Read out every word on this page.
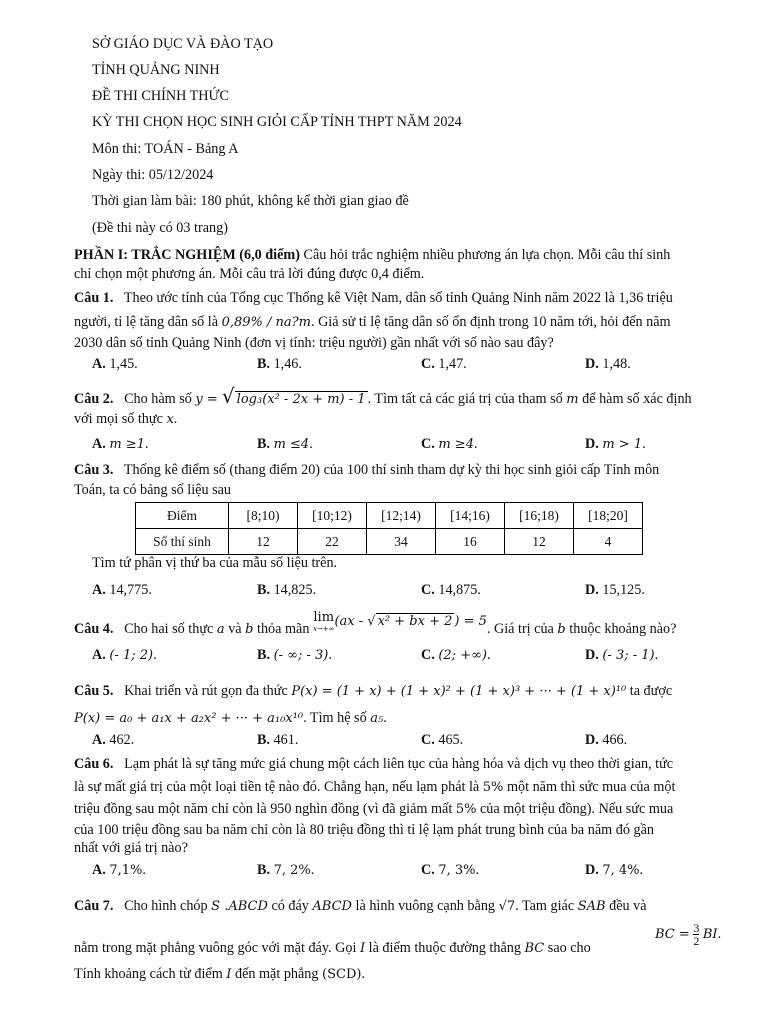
SỞ GIÁO DỤC VÀ ĐÀO TẠO
TỈNH QUẢNG NINH
ĐỀ THI CHÍNH THỨC
KỲ THI CHỌN HỌC SINH GIỎI CẤP TỈNH THPT NĂM 2024
Môn thi: TOÁN - Bảng A
Ngày thi: 05/12/2024
Thời gian làm bài: 180 phút, không kể thời gian giao đề
(Đề thi này có 03 trang)
PHẦN I: TRẮC NGHIỆM (6,0 điểm) Câu hỏi trắc nghiệm nhiều phương án lựa chọn. Mỗi câu thí sinh
chỉ chọn một phương án. Mỗi câu trả lời đúng được 0,4 điểm.
Câu 1. Theo ước tính của Tổng cục Thống kê Việt Nam, dân số tỉnh Quảng Ninh năm 2022 là 1,36 triệu
người, tỉ lệ tăng dân số là 0,89% / na?m. Giả sử tỉ lệ tăng dân số ổn định trong 10 năm tới, hỏi đến năm
2030 dân số tỉnh Quảng Ninh (đơn vị tính: triệu người) gần nhất với số nào sau đây?
A. 1,45.	B. 1,46.	C. 1,47.	D. 1,48.
Câu 2. Cho hàm số y = √ log₃(x² - 2x + m) - 1 . Tìm tất cả các giá trị của tham số m để hàm số xác định
với mọi số thực x.
A. m ≥1.	B. m ≤4.	C. m ≥4.	D. m > 1.
Câu 3. Thống kê điểm số (thang điểm 20) của 100 thí sinh tham dự kỳ thi học sinh giỏi cấp Tỉnh môn
Toán, ta có bảng số liệu sau
Điểm	[8;10)	[10;12)	[12;14)	[14;16)	[16;18)	[18;20]
Số thí sinh	12	22	34	16	12	4
Tìm tứ phân vị thứ ba của mẫu số liệu trên.
A. 14,775.	B. 14,825.	C. 14,875.	D. 15,125.
Câu 4. Cho hai số thực a và b thỏa mãn
lim
x→+∞ (ax - √ x² + bx + 2 ) = 5. Giá trị của b thuộc khoảng nào?
A. (- 1; 2).	B. (- ∞; - 3).	C. (2; +∞).	D. (- 3; - 1).
Câu 5. Khai triển và rút gọn đa thức P(x) = (1 + x) + (1 + x)² + (1 + x)³ + ··· + (1 + x)¹⁰ ta được
P(x) = a₀ + a₁x + a₂x² + ··· + a₁₀x¹⁰. Tìm hệ số a₅.
A. 462.	B. 461.	C. 465.	D. 466.
Câu 6. Lạm phát là sự tăng mức giá chung một cách liên tục của hàng hóa và dịch vụ theo thời gian, tức
là sự mất giá trị của một loại tiền tệ nào đó. Chẳng hạn, nếu lạm phát là 5% một năm thì sức mua của một
triệu đồng sau một năm chỉ còn là 950 nghìn đồng (vì đã giảm mất 5% của một triệu đồng). Nếu sức mua
của 100 triệu đồng sau ba năm chỉ còn là 80 triệu đồng thì tỉ lệ lạm phát trung bình của ba năm đó gần
nhất với giá trị nào?
A. 7,1%.	B. 7, 2%.	C. 7, 3%.	D. 7, 4%.
Câu 7. Cho hình chóp S .ABCD có đáy ABCD là hình vuông cạnh bằng √7. Tam giác SAB đều và
nằm trong mặt phẳng vuông góc với mặt đáy. Gọi I là điểm thuộc đường thẳng BC sao cho
BC = $\frac{3}{2}$ BI.
Tính khoảng cách từ điểm I đến mặt phẳng (SCD).
